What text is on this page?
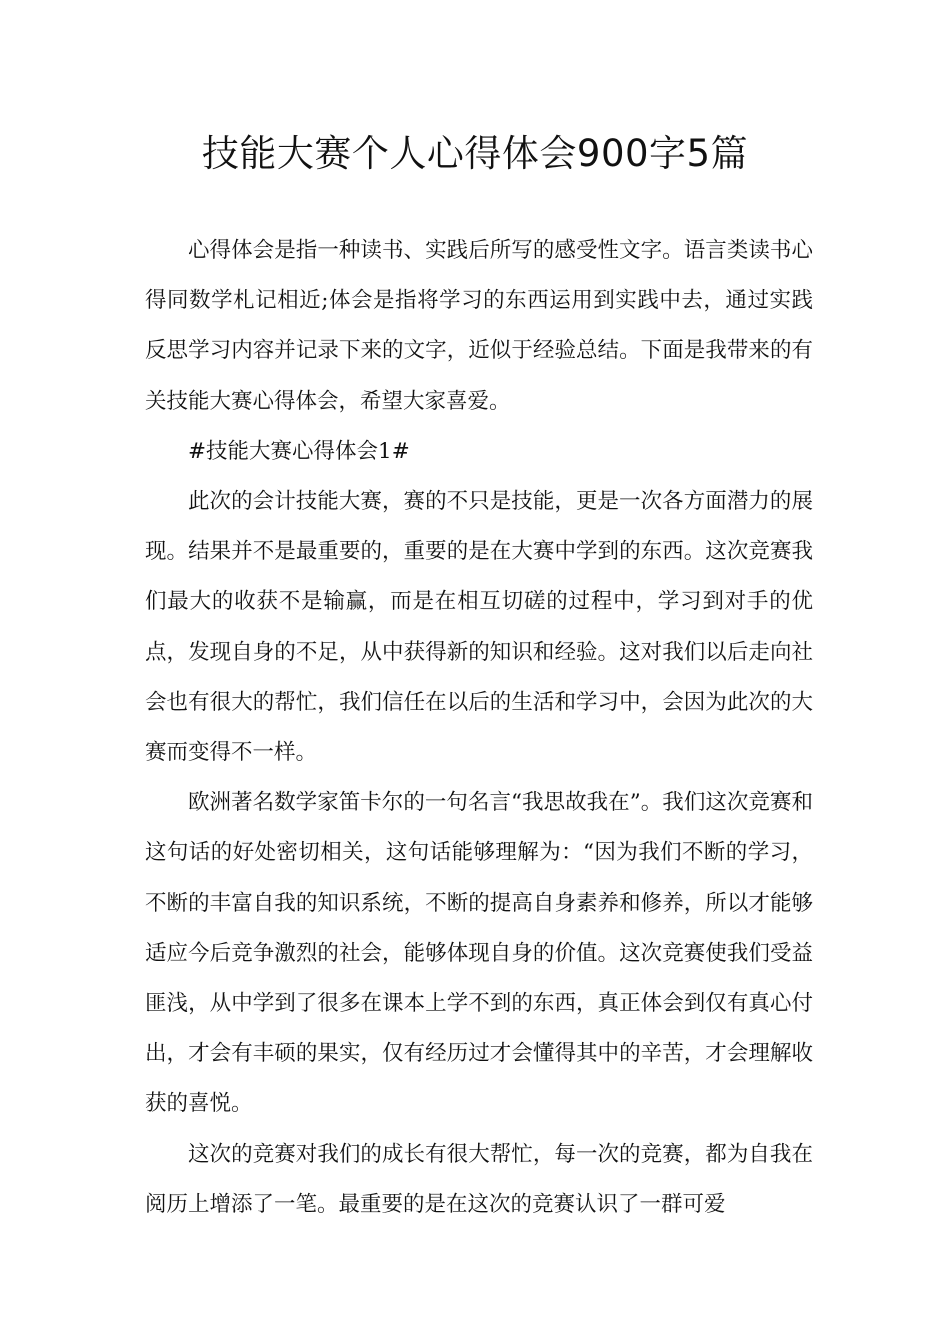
技能大赛个人心得体会900字5篇

心得体会是指一种读书、实践后所写的感受性文字。语言类读书心得同数学札记相近;体会是指将学习的东西运用到实践中去，通过实践反思学习内容并记录下来的文字，近似于经验总结。下面是我带来的有关技能大赛心得体会，希望大家喜爱。

#技能大赛心得体会1#

此次的会计技能大赛，赛的不只是技能，更是一次各方面潜力的展现。结果并不是最重要的，重要的是在大赛中学到的东西。这次竞赛我们最大的收获不是输赢，而是在相互切磋的过程中，学习到对手的优点，发现自身的不足，从中获得新的知识和经验。这对我们以后走向社会也有很大的帮忙，我们信任在以后的生活和学习中，会因为此次的大赛而变得不一样。

欧洲著名数学家笛卡尔的一句名言“我思故我在”。我们这次竞赛和这句话的好处密切相关，这句话能够理解为：“因为我们不断的学习，不断的丰富自我的知识系统，不断的提高自身素养和修养，所以才能够适应今后竞争激烈的社会，能够体现自身的价值。这次竞赛使我们受益匪浅，从中学到了很多在课本上学不到的东西，真正体会到仅有真心付出，才会有丰硕的果实，仅有经历过才会懂得其中的辛苦，才会理解收获的喜悦。

这次的竞赛对我们的成长有很大帮忙，每一次的竞赛，都为自我在阅历上增添了一笔。最重要的是在这次的竞赛认识了一群可爱
